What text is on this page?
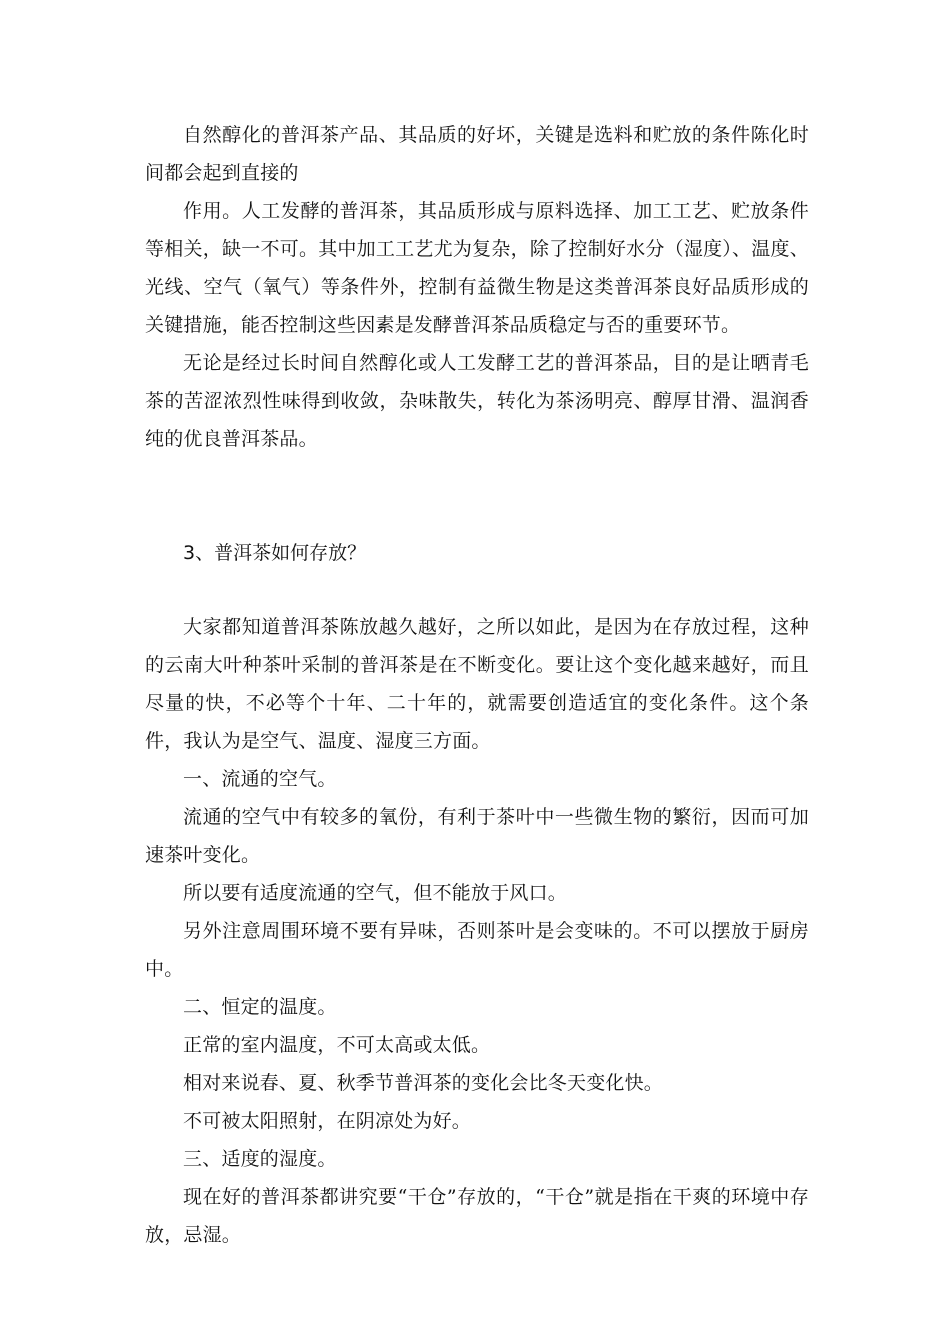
自然醇化的普洱茶产品、其品质的好坏，关键是选料和贮放的条件陈化时间都会起到直接的

作用。人工发酵的普洱茶，其品质形成与原料选择、加工工艺、贮放条件等相关，缺一不可。其中加工工艺尤为复杂，除了控制好水分（湿度）、温度、光线、空气（氧气）等条件外，控制有益微生物是这类普洱茶良好品质形成的关键措施，能否控制这些因素是发酵普洱茶品质稳定与否的重要环节。

无论是经过长时间自然醇化或人工发酵工艺的普洱茶品，目的是让晒青毛茶的苦涩浓烈性味得到收敛，杂味散失，转化为茶汤明亮、醇厚甘滑、温润香纯的优良普洱茶品。

3、普洱茶如何存放？

大家都知道普洱茶陈放越久越好，之所以如此，是因为在存放过程，这种的云南大叶种茶叶采制的普洱茶是在不断变化。要让这个变化越来越好，而且尽量的快，不必等个十年、二十年的，就需要创造适宜的变化条件。这个条件，我认为是空气、温度、湿度三方面。

一、流通的空气。

流通的空气中有较多的氧份，有利于茶叶中一些微生物的繁衍，因而可加速茶叶变化。

所以要有适度流通的空气，但不能放于风口。

另外注意周围环境不要有异味，否则茶叶是会变味的。不可以摆放于厨房中。

二、恒定的温度。

正常的室内温度，不可太高或太低。

相对来说春、夏、秋季节普洱茶的变化会比冬天变化快。

不可被太阳照射，在阴凉处为好。

三、适度的湿度。

现在好的普洱茶都讲究要“干仓”存放的，“干仓”就是指在干爽的环境中存放，忌湿。
